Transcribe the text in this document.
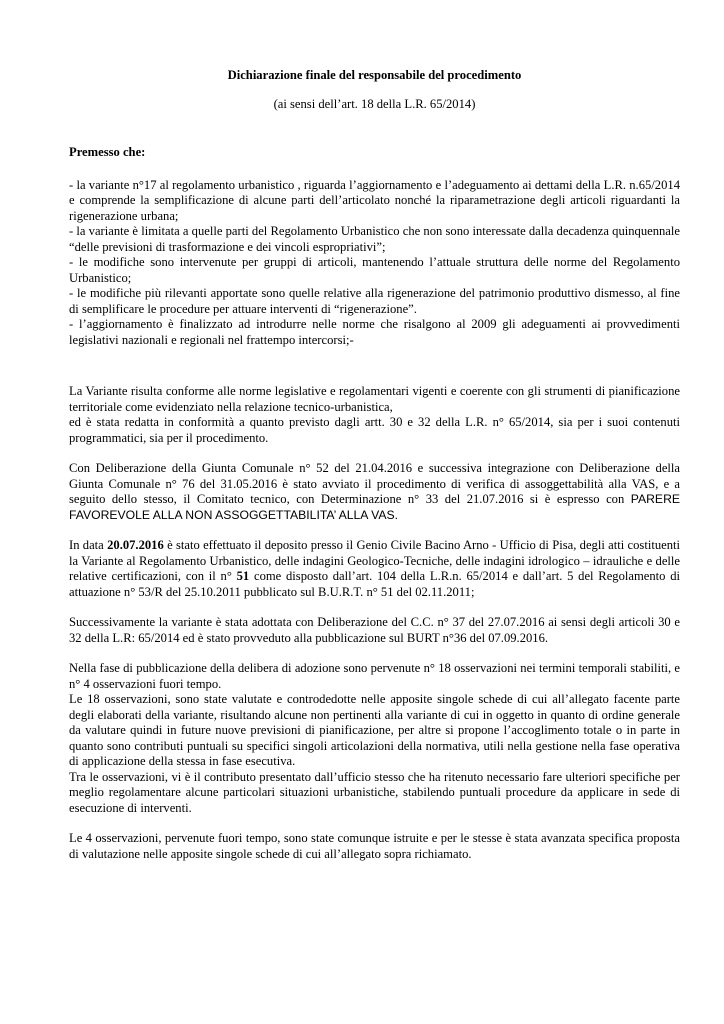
Dichiarazione finale del responsabile del procedimento

(ai sensi dell’art. 18 della L.R. 65/2014)

Premesso che:

- la variante n°17 al regolamento urbanistico , riguarda l’aggiornamento e l’adeguamento ai dettami della L.R. n.65/2014 e comprende la semplificazione di alcune parti dell’articolato nonché la riparametrazione degli articoli riguardanti la rigenerazione urbana;

- la variante è limitata a quelle parti del Regolamento Urbanistico che non sono interessate dalla decadenza quinquennale “delle previsioni di trasformazione e dei vincoli espropriativi”;

- le modifiche sono intervenute per gruppi di articoli, mantenendo l’attuale struttura delle norme del Regolamento Urbanistico;

- le modifiche più rilevanti apportate sono quelle relative alla rigenerazione del patrimonio produttivo dismesso, al fine di semplificare le procedure per attuare interventi di “rigenerazione”.

- l’aggiornamento è finalizzato ad introdurre nelle norme che risalgono al 2009 gli adeguamenti ai provvedimenti legislativi nazionali e regionali nel frattempo intercorsi;-

La Variante risulta conforme alle norme legislative e regolamentari vigenti e coerente con gli strumenti di pianificazione territoriale come evidenziato nella relazione tecnico-urbanistica,

ed è stata redatta in conformità a quanto previsto dagli artt. 30 e 32 della L.R. n° 65/2014, sia per i suoi contenuti programmatici, sia per il procedimento.

Con Deliberazione della Giunta Comunale n° 52 del 21.04.2016 e successiva integrazione con Deliberazione della Giunta Comunale n° 76 del 31.05.2016 è stato avviato il procedimento di verifica di assoggettabilità alla VAS, e a seguito dello stesso, il Comitato tecnico, con Determinazione n° 33 del 21.07.2016 si è espresso con PARERE FAVOREVOLE ALLA NON ASSOGGETTABILITA’ ALLA VAS.

In data 20.07.2016 è stato effettuato il deposito presso il Genio Civile Bacino Arno - Ufficio di Pisa, degli atti costituenti la Variante al Regolamento Urbanistico, delle indagini Geologico-Tecniche, delle indagini idrologico – idrauliche e delle relative certificazioni, con il n° 51 come disposto dall’art. 104 della L.R.n. 65/2014 e dall’art. 5 del Regolamento di attuazione n° 53/R del 25.10.2011 pubblicato sul B.U.R.T. n° 51 del 02.11.2011;

Successivamente la variante è stata adottata con Deliberazione del C.C. n° 37 del 27.07.2016 ai sensi degli articoli 30 e 32 della L.R: 65/2014 ed è stato provveduto alla pubblicazione sul BURT n°36 del 07.09.2016.

Nella fase di pubblicazione della delibera di adozione sono pervenute n° 18 osservazioni nei termini temporali stabiliti, e n° 4 osservazioni fuori tempo.

Le 18 osservazioni, sono state valutate e controdedotte nelle apposite singole schede di cui all’allegato facente parte degli elaborati della variante, risultando alcune non pertinenti alla variante di cui in oggetto in quanto di ordine generale da valutare quindi in future nuove previsioni di pianificazione, per altre si propone l’accoglimento totale o in parte in quanto sono contributi puntuali su specifici singoli articolazioni della normativa, utili nella gestione nella fase operativa di applicazione della stessa in fase esecutiva.

Tra le osservazioni, vi è il contributo presentato dall’ufficio stesso che ha ritenuto necessario fare ulteriori specifiche per meglio regolamentare alcune particolari situazioni urbanistiche, stabilendo puntuali procedure da applicare in sede di esecuzione di interventi.

Le 4 osservazioni, pervenute fuori tempo, sono state comunque istruite e per le stesse è stata avanzata specifica proposta di valutazione nelle apposite singole schede di cui all’allegato sopra richiamato.
